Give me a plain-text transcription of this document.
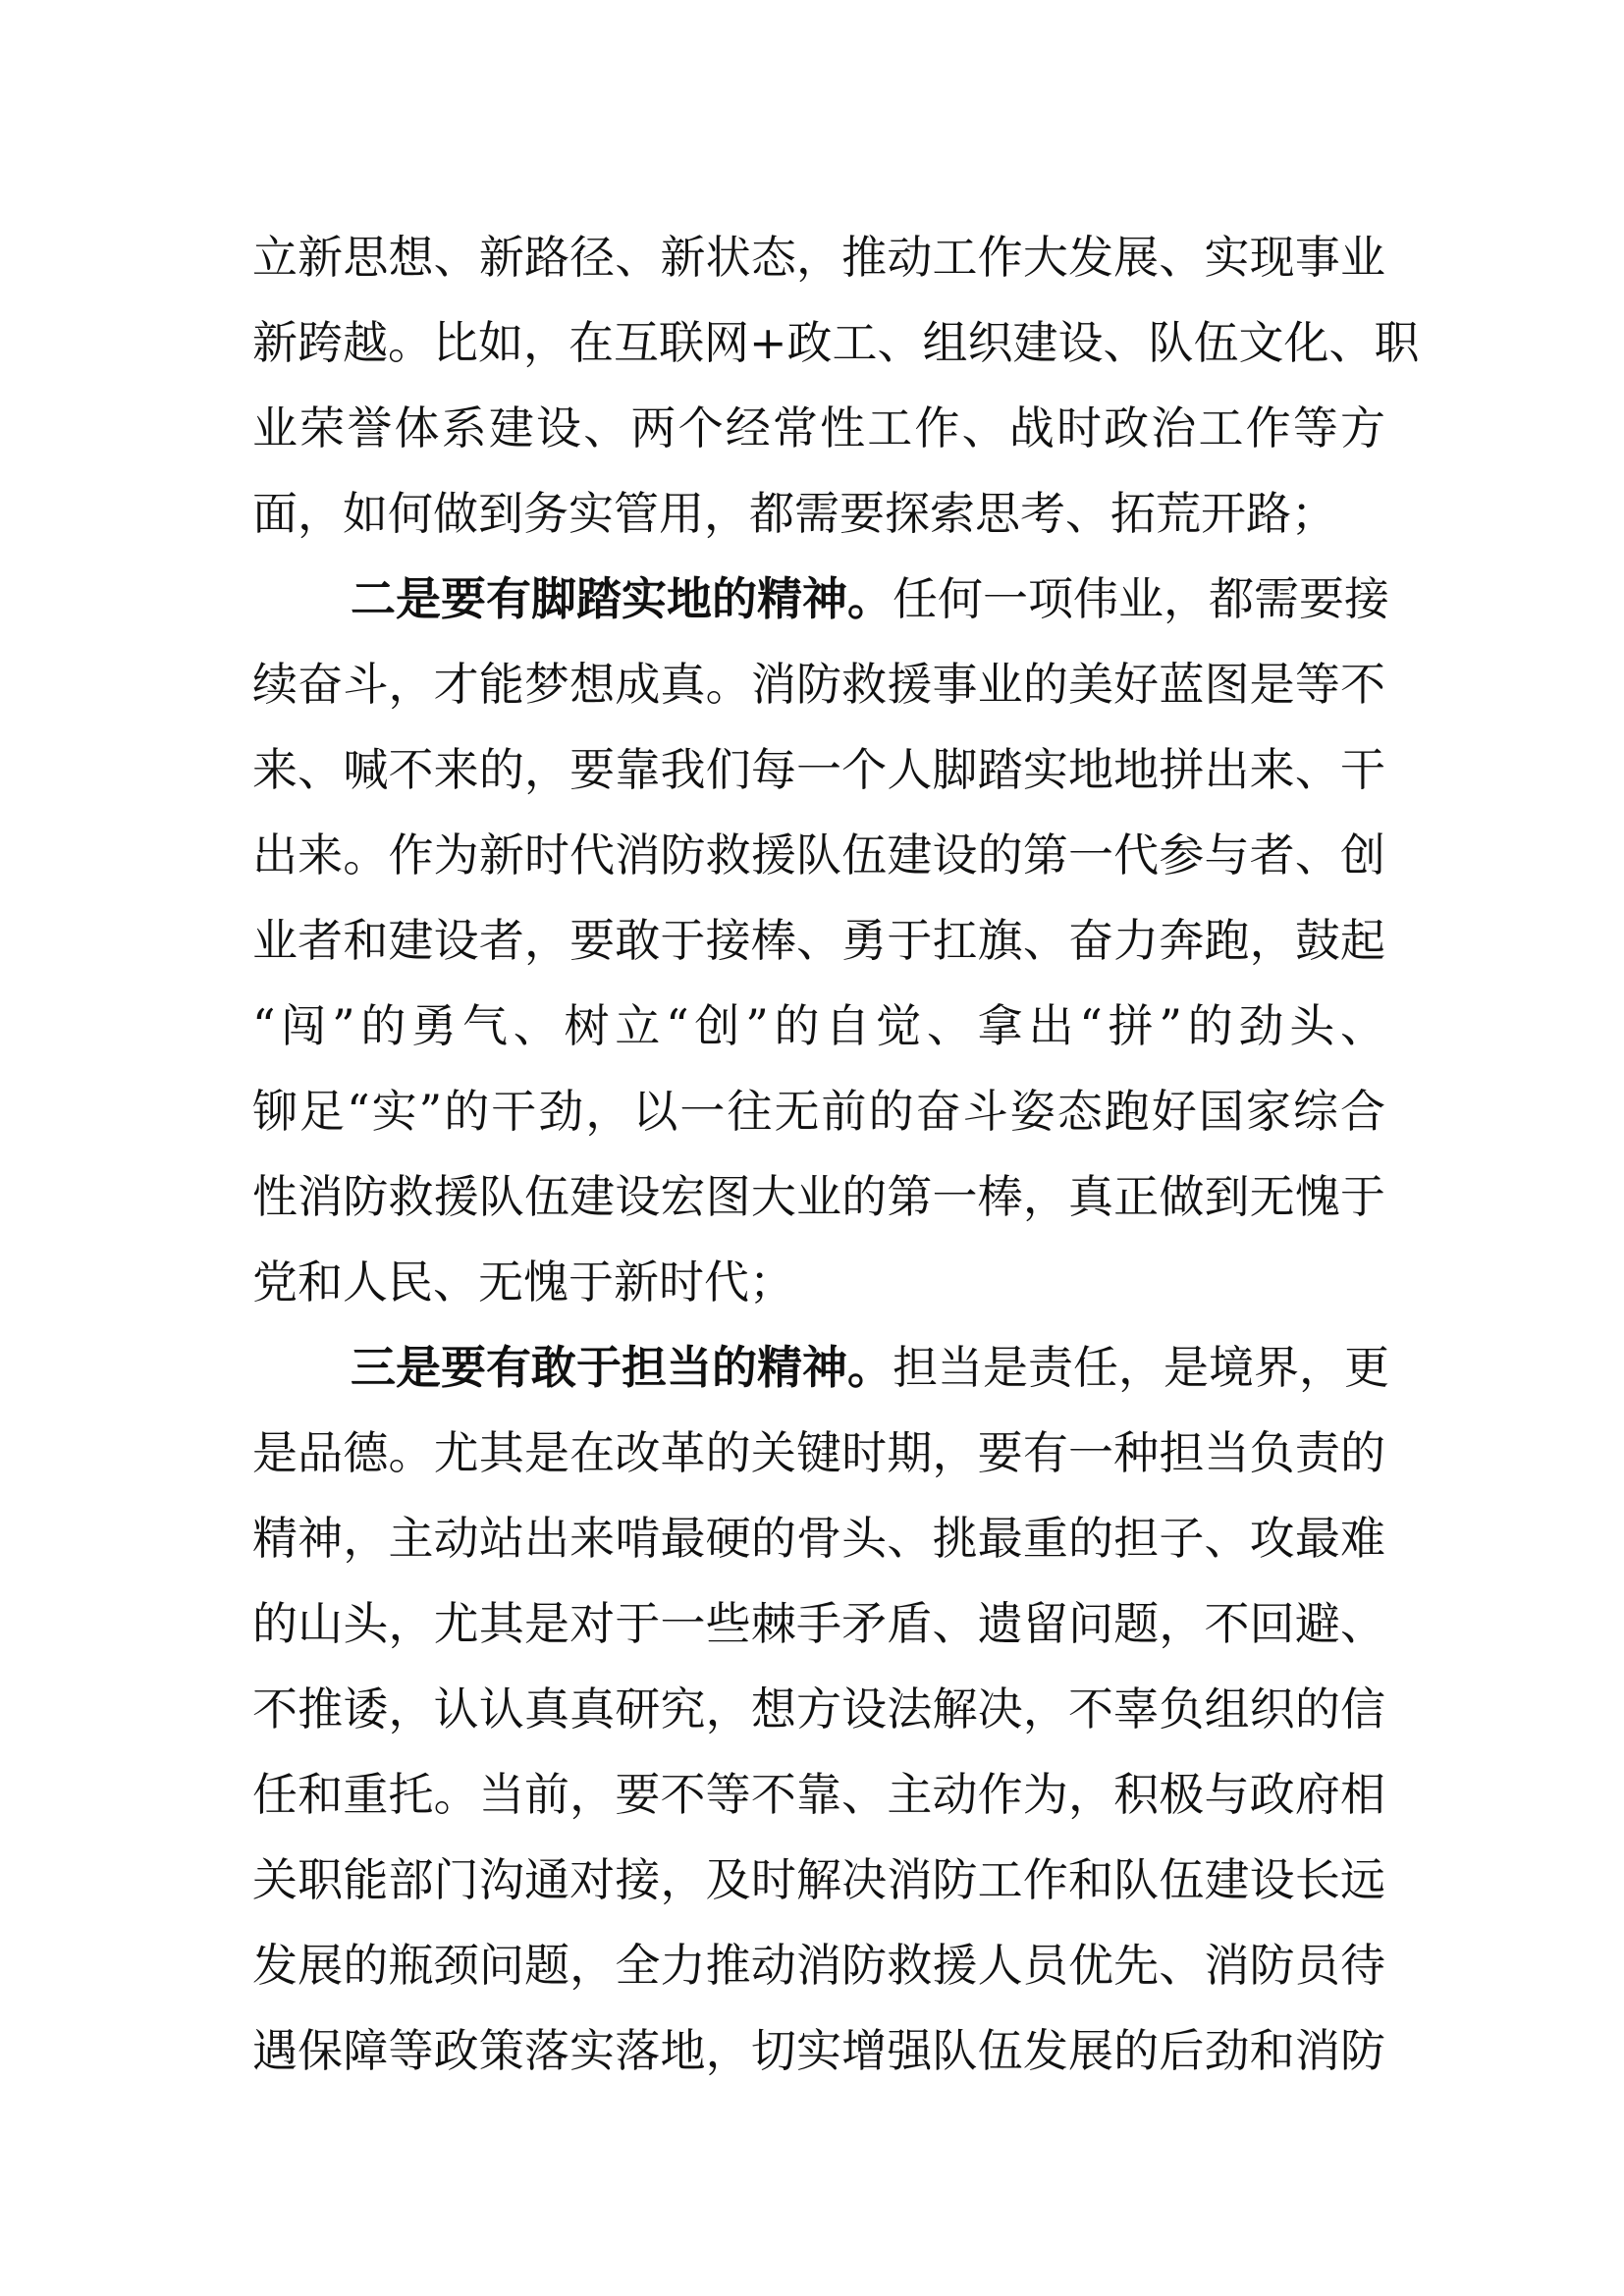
立新思想、新路径、新状态，推动工作大发展、实现事业
新跨越。比如，在互联网+政工、组织建设、队伍文化、职
业荣誉体系建设、两个经常性工作、战时政治工作等方
面，如何做到务实管用，都需要探索思考、拓荒开路；
二是要有脚踏实地的精神。任何一项伟业，都需要接
续奋斗，才能梦想成真。消防救援事业的美好蓝图是等不
来、喊不来的，要靠我们每一个人脚踏实地地拼出来、干
出来。作为新时代消防救援队伍建设的第一代参与者、创
业者和建设者，要敢于接棒、勇于扛旗、奋力奔跑，鼓起
“闯”的勇气、树立“创”的自觉、拿出“拼”的劲头、
铆足“实”的干劲，以一往无前的奋斗姿态跑好国家综合
性消防救援队伍建设宏图大业的第一棒，真正做到无愧于
党和人民、无愧于新时代；
三是要有敢于担当的精神。担当是责任，是境界，更
是品德。尤其是在改革的关键时期，要有一种担当负责的
精神，主动站出来啃最硬的骨头、挑最重的担子、攻最难
的山头，尤其是对于一些棘手矛盾、遗留问题，不回避、
不推诿，认认真真研究，想方设法解决，不辜负组织的信
任和重托。当前，要不等不靠、主动作为，积极与政府相
关职能部门沟通对接，及时解决消防工作和队伍建设长远
发展的瓶颈问题，全力推动消防救援人员优先、消防员待
遇保障等政策落实落地，切实增强队伍发展的后劲和消防
